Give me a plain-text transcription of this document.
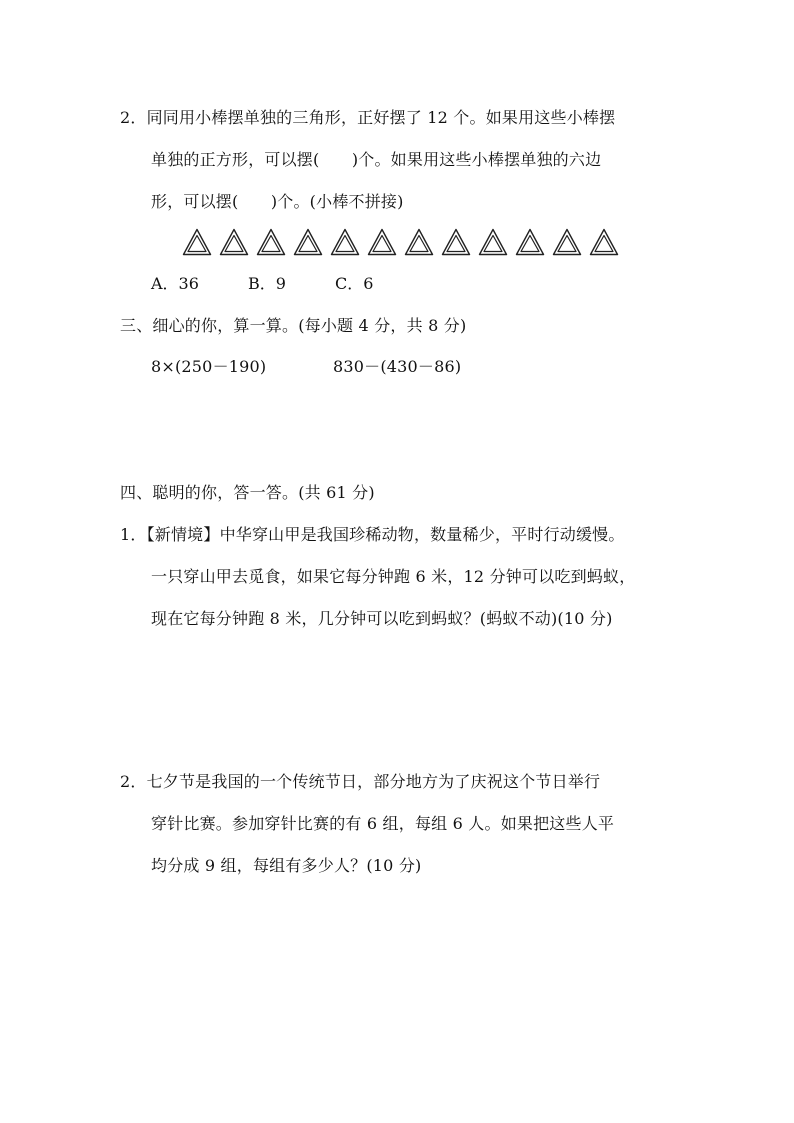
2．同同用小棒摆单独的三角形，正好摆了 12 个。如果用这些小棒摆
单独的正方形，可以摆(　　)个。如果用这些小棒摆单独的六边
形，可以摆(　　)个。(小棒不拼接)
A．36	B．9	C．6
三、细心的你，算一算。(每小题 4 分，共 8 分)
8×(250－190)	830－(430－86)
四、聪明的你，答一答。(共 61 分)
1．【新情境】中华穿山甲是我国珍稀动物，数量稀少，平时行动缓慢。
一只穿山甲去觅食，如果它每分钟跑 6 米，12 分钟可以吃到蚂蚁，
现在它每分钟跑 8 米，几分钟可以吃到蚂蚁？(蚂蚁不动)(10 分)
2．七夕节是我国的一个传统节日，部分地方为了庆祝这个节日举行
穿针比赛。参加穿针比赛的有 6 组，每组 6 人。如果把这些人平
均分成 9 组，每组有多少人？(10 分)
